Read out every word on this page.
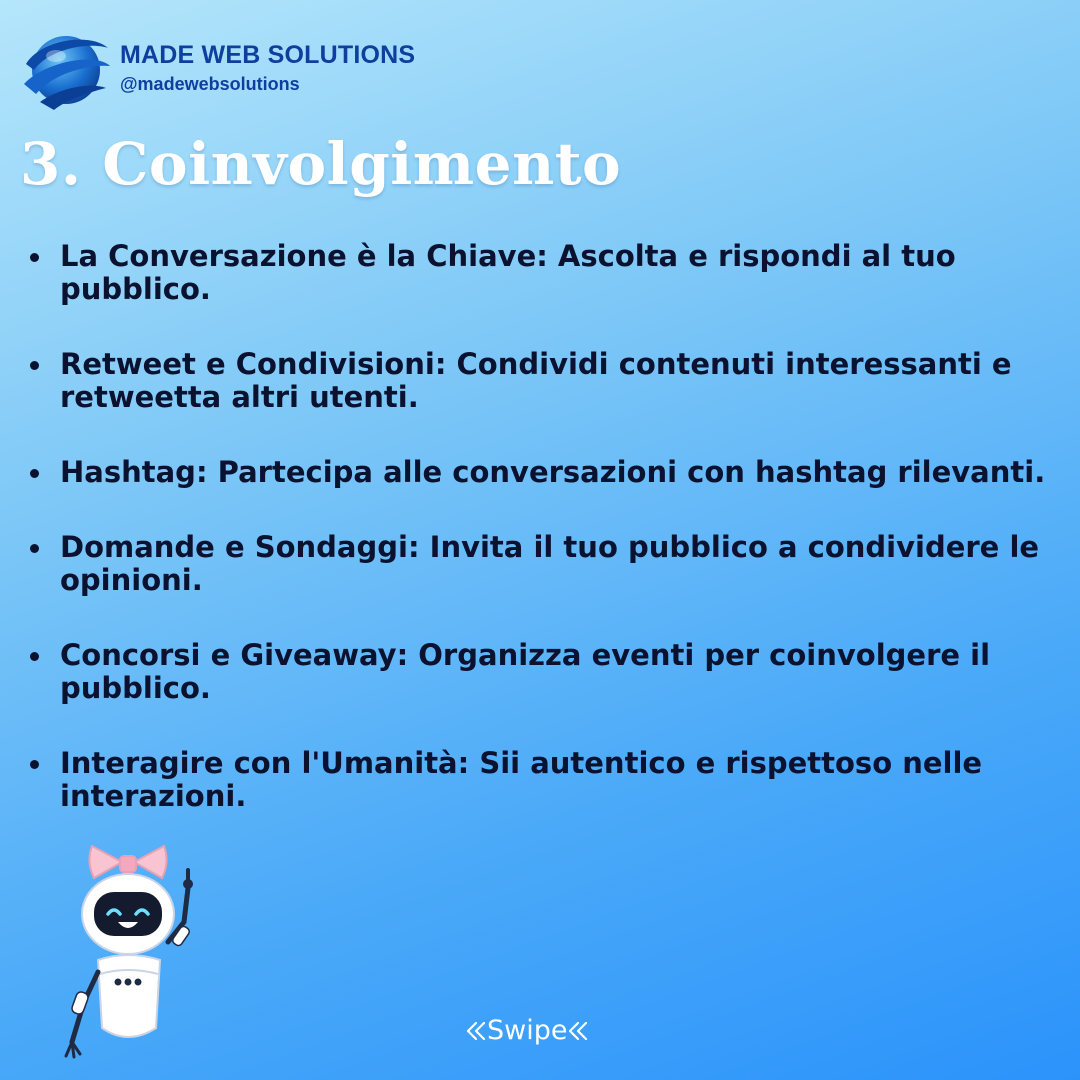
MADE WEB SOLUTIONS
@madewebsolutions
3. Coinvolgimento
La Conversazione è la Chiave: Ascolta e rispondi al tuo pubblico.
Retweet e Condivisioni: Condividi contenuti interessanti e retweetta altri utenti.
Hashtag: Partecipa alle conversazioni con hashtag rilevanti.
Domande e Sondaggi: Invita il tuo pubblico a condividere le opinioni.
Concorsi e Giveaway: Organizza eventi per coinvolgere il pubblico.
Interagire con l'Umanità: Sii autentico e rispettoso nelle interazioni.
Swipe
